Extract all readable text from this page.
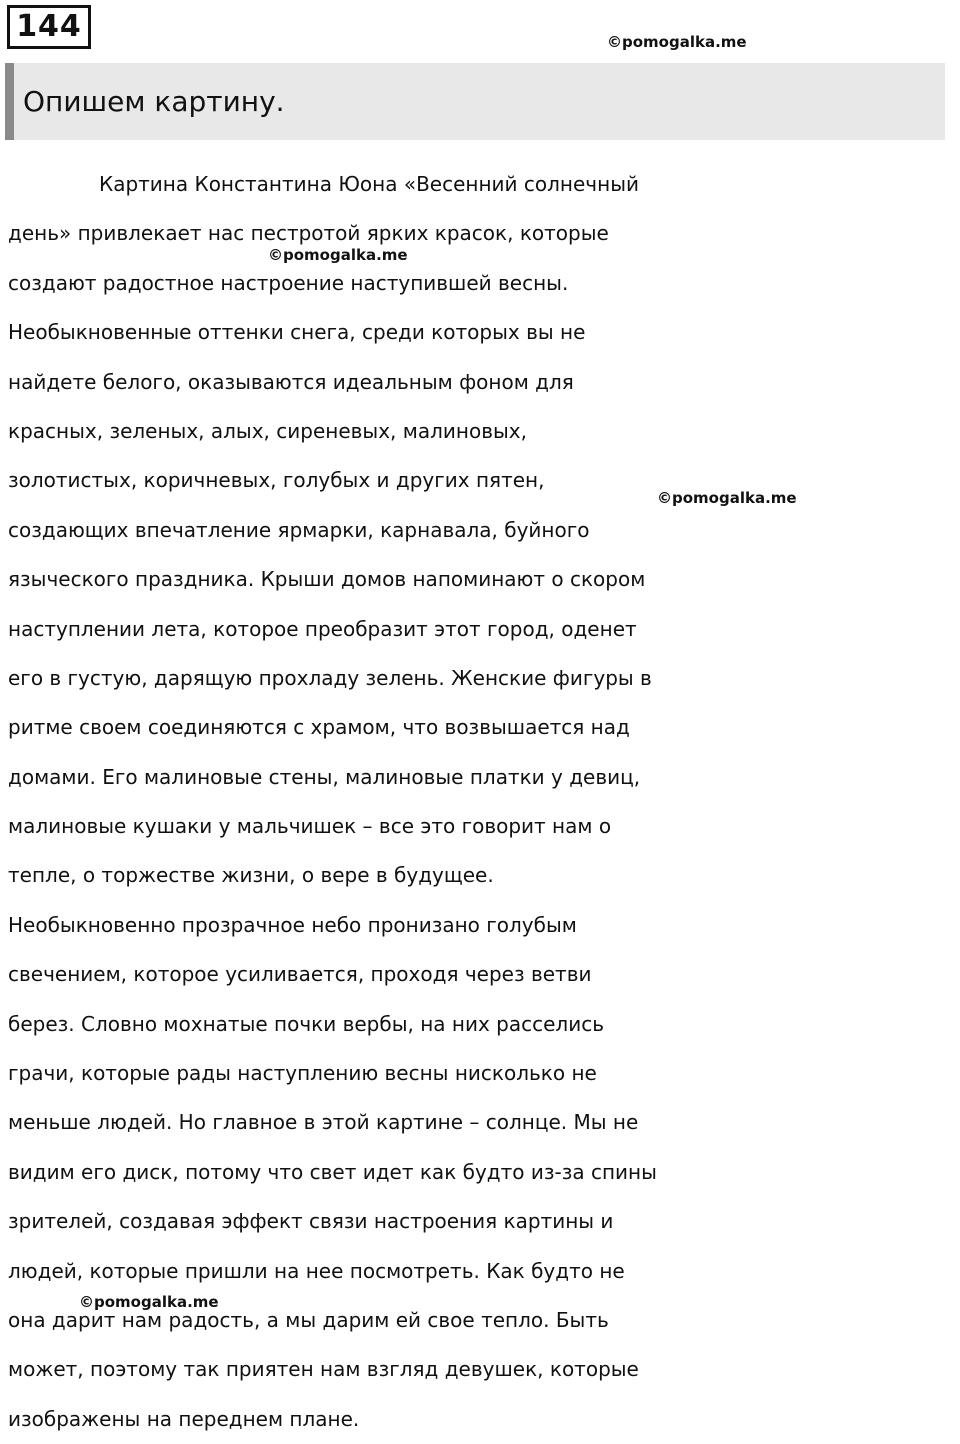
144	©pomogalka.me
Опишем картину.
Картина Константина Юона «Весенний солнечный
день» привлекает нас пестротой ярких красок, которые
создают радостное настроение наступившей весны.
Необыкновенные оттенки снега, среди которых вы не
найдете белого, оказываются идеальным фоном для
красных, зеленых, алых, сиреневых, малиновых,
золотистых, коричневых, голубых и других пятен,
создающих впечатление ярмарки, карнавала, буйного
языческого праздника. Крыши домов напоминают о скором
наступлении лета, которое преобразит этот город, оденет
его в густую, дарящую прохладу зелень. Женские фигуры в
ритме своем соединяются с храмом, что возвышается над
домами. Его малиновые стены, малиновые платки у девиц,
малиновые кушаки у мальчишек – все это говорит нам о
тепле, о торжестве жизни, о вере в будущее.
Необыкновенно прозрачное небо пронизано голубым
свечением, которое усиливается, проходя через ветви
берез. Словно мохнатые почки вербы, на них расселись
грачи, которые рады наступлению весны нисколько не
меньше людей. Но главное в этой картине – солнце. Мы не
видим его диск, потому что свет идет как будто из-за спины
зрителей, создавая эффект связи настроения картины и
людей, которые пришли на нее посмотреть. Как будто не
она дарит нам радость, а мы дарим ей свое тепло. Быть
может, поэтому так приятен нам взгляд девушек, которые
изображены на переднем плане.
©pomogalka.me
©pomogalka.me
©pomogalka.me
